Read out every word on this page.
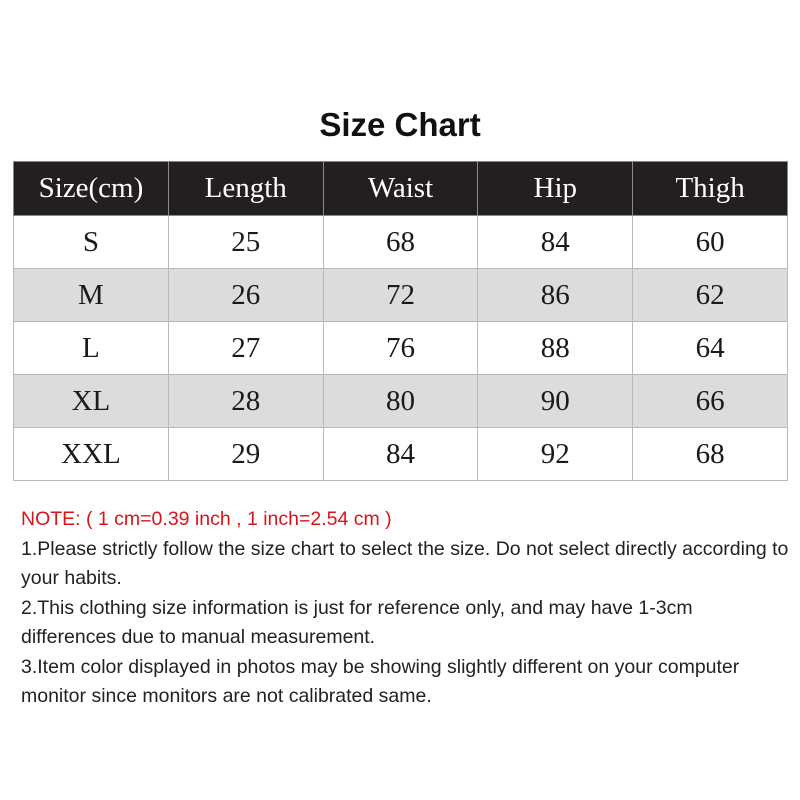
Size Chart
Size(cm)	Length	Waist	Hip	Thigh
S	25	68	84	60
M	26	72	86	62
L	27	76	88	64
XL	28	80	90	66
XXL	29	84	92	68

NOTE: ( 1 cm=0.39 inch , 1 inch=2.54 cm )

1.Please strictly follow the size chart to select the size. Do not select directly according to your habits.

2.This clothing size information is just for reference only, and may have 1-3cm differences due to manual measurement.

3.Item color displayed in photos may be showing slightly different on your computer monitor since monitors are not calibrated same.
